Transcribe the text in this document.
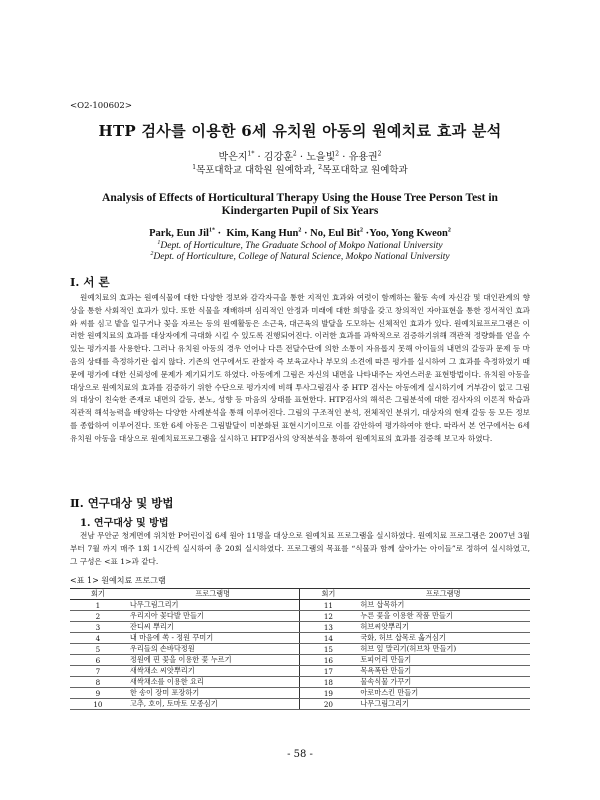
<O2-100602>
HTP 검사를 이용한 6세 유치원 아동의 원예치료 효과 분석
박은지$^{1*}$ · 김강훈$^2$ · 노을빛$^2$ · 유용권$^2$
$^1$목포대학교 대학원 원예학과, $^2$목포대학교 원예학과
Analysis of Effects of Horticultural Therapy Using the House Tree Person Test in Kindergarten Pupil of Six Years
Park, Eun Jil$^{1*}$ ·  Kim, Kang Hun$^2$ · No, Eul Bit$^2$ ·Yoo, Yong Kweon$^2$
$^1$Dept. of Horticulture, The Graduate School of Mokpo National University
$^2$Dept. of Horticulture, College of Natural Science, Mokpo National University
Ⅰ. 서 론

원예치료의 효과는 원예식물에 대한 다양한 정보와 감각자극을 통한 지적인 효과와 여럿이 함께하는 활동 속에 자신감 및 대인관계의 향상을 통한 사회적인 효과가 있다. 또한 식물을 재배하며 심리적인 안정과 미래에 대한 희망을 갖고 창의적인 자아표현을 통한 정서적인 효과와 씨를 심고 밭을 일구거나 꽃을 자르는 등의 원예활동은 소근육, 대근육의 발달을 도모하는 신체적인 효과가 있다. 원예치료프로그램은 이러한 원예치료의 효과를 대상자에게 극대화 시킬 수 있도록 진행되어진다. 이러한 효과를 과학적으로 검증하기위해 객관적 정량화를 얻을 수 있는 평가지를 사용한다. 그러나 유치원 아동의 경우 언어나 다른 전달수단에 의한 소통이 자유롭지 못해 아이들의 내면의 갈등과 문제 등 마음의 상태를 측정하기란 쉽지 않다. 기존의 연구에서도 관찰자 즉 보육교사나 부모의 소견에 따른 평가를 실시하여 그 효과를 측정하였기 때문에 평가에 대한 신뢰성에 문제가 제기되기도 하였다. 아동에게 그림은 자신의 내면을 나타내주는 자연스러운 표현방법이다. 유치원 아동을 대상으로 원예치료의 효과를 검증하기 위한 수단으로 평가지에 비해 투사그림검사 중 HTP 검사는 아동에게 실시하기에 거부감이 없고 그림의 대상이 친숙한 존재로 내면의 갈등, 분노, 성향 등 마음의 상태를 표현한다. HTP검사의 해석은 그림분석에 대한 검사자의 이론적 학습과 직관적 해석능력을 배양하는 다양한 사례분석을 통해 이루어진다. 그림의 구조적인 분석, 전체적인 분위기, 대상자의 현재 갈등 등 모든 정보를 종합하여 이루어진다. 또한 6세 아동은 그림발달이 미분화된 표현시기이므로 이를 감안하여 평가하여야 한다. 따라서 본 연구에서는 6세 유치원 아동을 대상으로 원예치료프로그램을 실시하고 HTP검사의 양적분석을 통하여 원예치료의 효과를 검증해 보고자 하였다.

Ⅱ. 연구대상 및 방법
1. 연구대상 및 방법

전남 무안군 청계면에 위치한 P어린이집 6세 원아 11명을 대상으로 원예치료 프로그램을 실시하였다. 원예치료 프로그램은 2007년 3월 부터 7월 까지 매주 1회 1시간씩 실시하여 총 20회 실시하였다. 프로그램의 목표를 “식물과 함께 살아가는 아이들”로 정하여 실시하였고, 그 구성은 <표 1>과 같다.

<표 1> 원예치료 프로그램
회기	프로그램명	회기	프로그램명
1	나무그림그리기	11	허브 삽목하기
2	우리지아 꽃다발 만들기	12	누른 꽃을 이용한 작품 만들기
3	잔디씨 뿌리기	13	허브씨앗뿌리기
4	내 마음에 쏙 - 정원 꾸미기	14	국화, 허브 삽목로 옮겨심기
5	우리들의 손바닥정원	15	허브 잎 말리기(허브차 만들기)
6	정원에 핀 꽃을 이용한 꽃 누르기	16	토피어리 만들기
7	새싹채소 씨앗뿌리기	17	목욕폭탄 만들기
8	새싹채소를 이용한 요리	18	물속식물 가꾸기
9	한 송이 장미 포장하기	19	아로마스킨 만들기
10	고추, 호이, 토마토 모종심기	20	나무그림그리기
- 58 -
